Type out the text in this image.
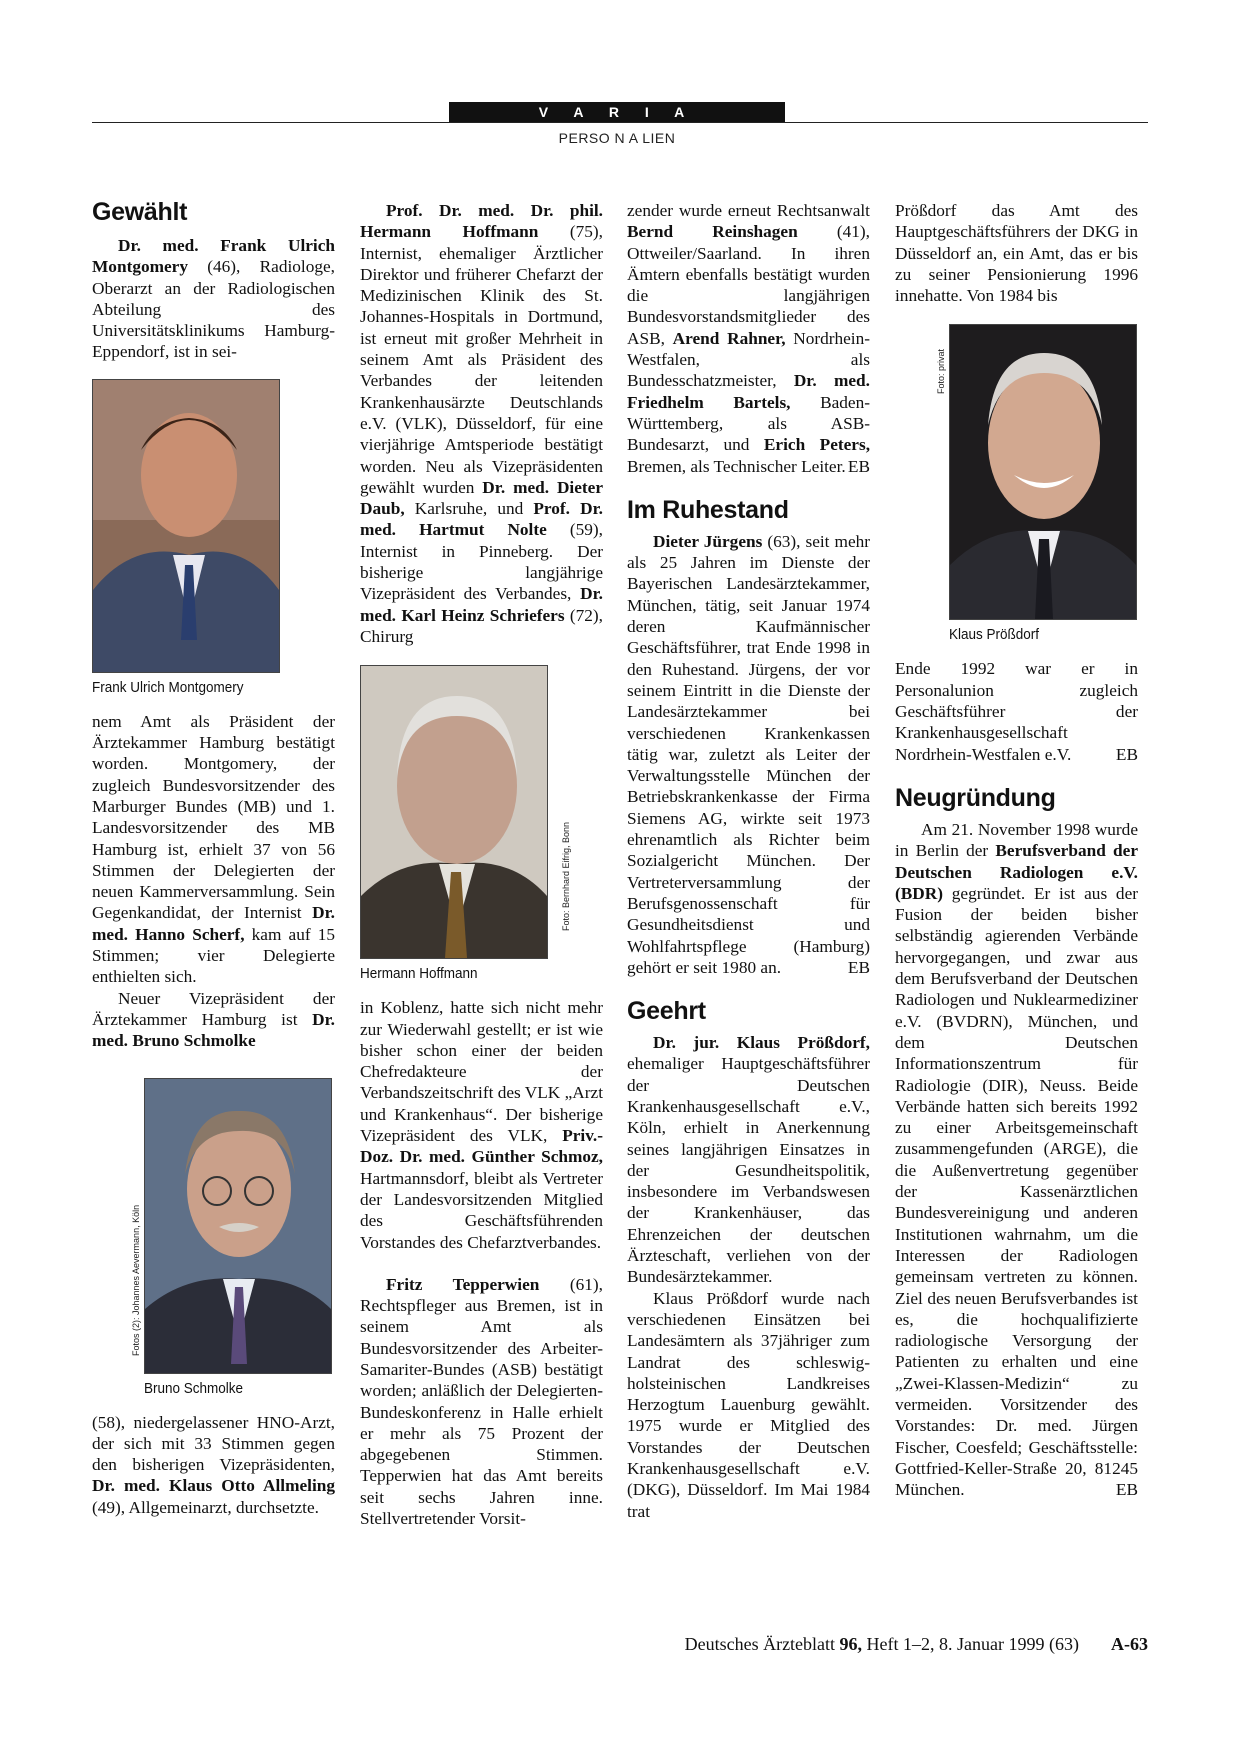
V A R I A
PERSO N A LIEN
Gewählt

Dr. med. Frank Ulrich Montgomery (46), Radiologe, Oberarzt an der Radiologischen Abteilung des Universitätsklinikums Hamburg-Eppendorf, ist in sei-

Frank Ulrich Montgomery

nem Amt als Präsident der Ärztekammer Hamburg bestätigt worden. Montgomery, der zugleich Bundesvorsitzender des Marburger Bundes (MB) und 1. Landesvorsitzender des MB Hamburg ist, erhielt 37 von 56 Stimmen der Delegierten der neuen Kammerversammlung. Sein Gegenkandidat, der Internist Dr. med. Hanno Scherf, kam auf 15 Stimmen; vier Delegierte enthielten sich.

Neuer Vizepräsident der Ärztekammer Hamburg ist Dr. med. Bruno Schmolke

Fotos (2): Johannes Aevermann, Köln
Bruno Schmolke

(58), niedergelassener HNO-Arzt, der sich mit 33 Stimmen gegen den bisherigen Vizepräsidenten, Dr. med. Klaus Otto Allmeling (49), Allgemeinarzt, durchsetzte.

Prof. Dr. med. Dr. phil. Hermann Hoffmann (75), Internist, ehemaliger Ärztlicher Direktor und früherer Chefarzt der Medizinischen Klinik des St. Johannes-Hospitals in Dortmund, ist erneut mit großer Mehrheit in seinem Amt als Präsident des Verbandes der leitenden Krankenhausärzte Deutschlands e.V. (VLK), Düsseldorf, für eine vierjährige Amtsperiode bestätigt worden. Neu als Vizepräsidenten gewählt wurden Dr. med. Dieter Daub, Karlsruhe, und Prof. Dr. med. Hartmut Nolte (59), Internist in Pinneberg. Der bisherige langjährige Vizepräsident des Verbandes, Dr. med. Karl Heinz Schriefers (72), Chirurg

Foto: Bernhard Eifrig, Bonn
Hermann Hoffmann

in Koblenz, hatte sich nicht mehr zur Wiederwahl gestellt; er ist wie bisher schon einer der beiden Chefredakteure der Verbandszeitschrift des VLK „Arzt und Krankenhaus“. Der bisherige Vizepräsident des VLK, Priv.-Doz. Dr. med. Günther Schmoz, Hartmannsdorf, bleibt als Vertreter der Landesvorsitzenden Mitglied des Geschäftsführenden Vorstandes des Chefarztverbandes.

Fritz Tepperwien (61), Rechtspfleger aus Bremen, ist in seinem Amt als Bundesvorsitzender des Arbeiter-Samariter-Bundes (ASB) bestätigt worden; anläßlich der Delegierten-Bundeskonferenz in Halle erhielt er mehr als 75 Prozent der abgegebenen Stimmen. Tepperwien hat das Amt bereits seit sechs Jahren inne. Stellvertretender Vorsit-

zender wurde erneut Rechtsanwalt Bernd Reinshagen (41), Ottweiler/Saarland. In ihren Ämtern ebenfalls bestätigt wurden die langjährigen Bundesvorstandsmitglieder des ASB, Arend Rahner, Nordrhein-Westfalen, als Bundesschatzmeister, Dr. med. Friedhelm Bartels, Baden-Württemberg, als ASB-Bundesarzt, und Erich Peters, Bremen, als Technischer Leiter. EB

Im Ruhestand

Dieter Jürgens (63), seit mehr als 25 Jahren im Dienste der Bayerischen Landesärztekammer, München, tätig, seit Januar 1974 deren Kaufmännischer Geschäftsführer, trat Ende 1998 in den Ruhestand. Jürgens, der vor seinem Eintritt in die Dienste der Landesärztekammer bei verschiedenen Krankenkassen tätig war, zuletzt als Leiter der Verwaltungsstelle München der Betriebskrankenkasse der Firma Siemens AG, wirkte seit 1973 ehrenamtlich als Richter beim Sozialgericht München. Der Vertreterversammlung der Berufsgenossenschaft für Gesundheitsdienst und Wohlfahrtspflege (Hamburg) gehört er seit 1980 an.	EB

Geehrt

Dr. jur. Klaus Prößdorf, ehemaliger Hauptgeschäftsführer der Deutschen Krankenhausgesellschaft e.V., Köln, erhielt in Anerkennung seines langjährigen Einsatzes in der Gesundheitspolitik, insbesondere im Verbandswesen der Krankenhäuser, das Ehrenzeichen der deutschen Ärzteschaft, verliehen von der Bundesärztekammer.

Klaus Prößdorf wurde nach verschiedenen Einsätzen bei Landesämtern als 37jähriger zum Landrat des schleswig-holsteinischen Landkreises Herzogtum Lauenburg gewählt. 1975 wurde er Mitglied des Vorstandes der Deutschen Krankenhausgesellschaft e.V. (DKG), Düsseldorf. Im Mai 1984 trat

Prößdorf das Amt des Hauptgeschäftsführers der DKG in Düsseldorf an, ein Amt, das er bis zu seiner Pensionierung 1996 innehatte. Von 1984 bis

Foto: privat
Klaus Prößdorf

Ende 1992 war er in Personalunion zugleich Geschäftsführer der Krankenhausgesellschaft Nordrhein-Westfalen e.V.	EB

Neugründung

Am 21. November 1998 wurde in Berlin der Berufsverband der Deutschen Radiologen e.V. (BDR) gegründet. Er ist aus der Fusion der beiden bisher selbständig agierenden Verbände hervorgegangen, und zwar aus dem Berufsverband der Deutschen Radiologen und Nuklearmediziner e.V. (BVDRN), München, und dem Deutschen Informationszentrum für Radiologie (DIR), Neuss. Beide Verbände hatten sich bereits 1992 zu einer Arbeitsgemeinschaft zusammengefunden (ARGE), die die Außenvertretung gegenüber der Kassenärztlichen Bundesvereinigung und anderen Institutionen wahrnahm, um die Interessen der Radiologen gemeinsam vertreten zu können. Ziel des neuen Berufsverbandes ist es, die hochqualifizierte radiologische Versorgung der Patienten zu erhalten und eine „Zwei-Klassen-Medizin“ zu vermeiden. Vorsitzender des Vorstandes: Dr. med. Jürgen Fischer, Coesfeld; Geschäftsstelle: Gottfried-Keller-Straße 20, 81245 München.	EB

Deutsches Ärzteblatt 96, Heft 1–2, 8. Januar 1999 (63) A-63
